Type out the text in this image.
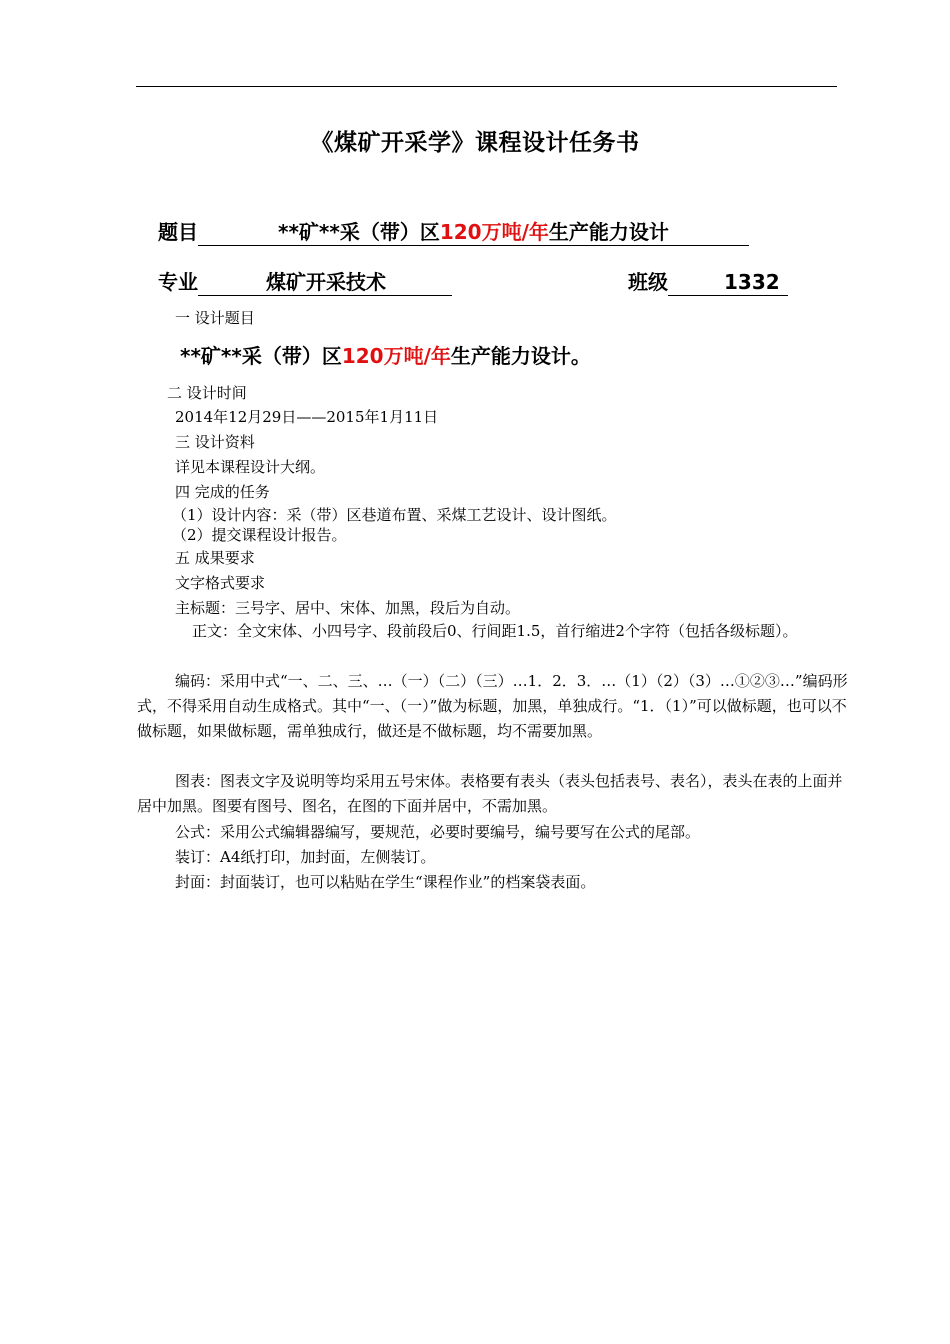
《煤矿开采学》课程设计任务书
题目	**矿**采（带）区120万吨/年生产能力设计
专业	煤矿开采技术	班级	1332
一 设计题目
**矿**采（带）区120万吨/年生产能力设计。
二 设计时间
2014年12月29日——2015年1月11日
三 设计资料
详见本课程设计大纲。
四 完成的任务
（1）设计内容：采（带）区巷道布置、采煤工艺设计、设计图纸。
（2）提交课程设计报告。
五 成果要求
文字格式要求
主标题：三号字、居中、宋体、加黑，段后为自动。
正文：全文宋体、小四号字、段前段后0、行间距1.5，首行缩进2个字符（包括各级标题）。
编码：采用中式“一、二、三、…（一）（二）（三）…1．2．3．…（1）（2）（3）…①②③…”编码形式，不得采用自动生成格式。其中“一、（一）”做为标题，加黑，单独成行。“1．（1）”可以做标题，也可以不做标题，如果做标题，需单独成行，做还是不做标题，均不需要加黑。
图表：图表文字及说明等均采用五号宋体。表格要有表头（表头包括表号、表名），表头在表的上面并居中加黑。图要有图号、图名，在图的下面并居中，不需加黑。
公式：采用公式编辑器编写，要规范，必要时要编号，编号要写在公式的尾部。
装订：A4纸打印，加封面，左侧装订。
封面：封面装订，也可以粘贴在学生“课程作业”的档案袋表面。
